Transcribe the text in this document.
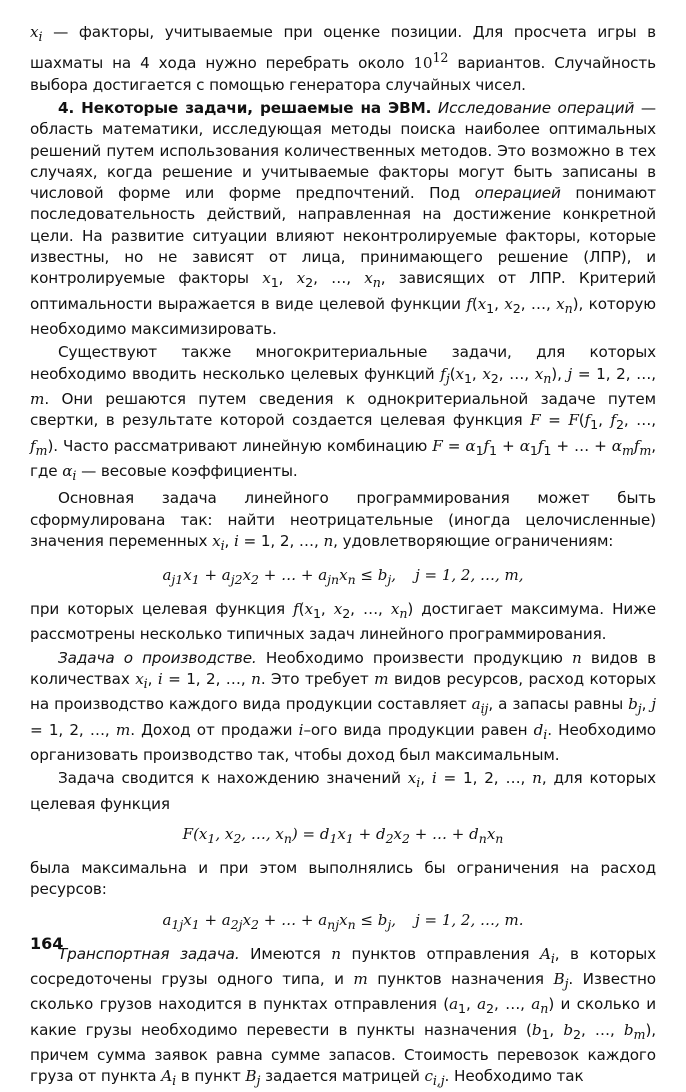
$x_i$ — факторы, учитываемые при оценке позиции. Для просчета игры в шахматы на 4 хода нужно перебрать около $10^{12}$ вариантов. Случайность выбора достигается с помощью генератора случайных чисел.

4. Некоторые задачи, решаемые на ЭВМ. Исследование операций — область математики, исследующая методы поиска наиболее оптимальных решений путем использования количественных методов. Это возможно в тех случаях, когда решение и учитываемые факторы могут быть записаны в числовой форме или форме предпочтений. Под операцией понимают последовательность действий, направленная на достижение конкретной цели. На развитие ситуации влияют неконтролируемые факторы, которые известны, но не зависят от лица, принимающего решение (ЛПР), и контролируемые факторы $x_1$, $x_2$, …, $x_n$, зависящих от ЛПР. Критерий оптимальности выражается в виде целевой функции $f(x_1$, $x_2$, …, $x_n$), которую необходимо максимизировать.

Существуют также многокритериальные задачи, для которых необходимо вводить несколько целевых функций $f_j(x_1$, $x_2$, …, $x_n$), j = 1, 2, …, m. Они решаются путем сведения к однокритериальной задаче путем свертки, в результате которой создается целевая функция $F = F(f_1$, $f_2$, …, $f_m$). Часто рассматривают линейную комбинацию $F = \alpha_1f_1 + \alpha_1f_1$ + … + $\alpha_mf_m$, где $\alpha_i$ — весовые коэффициенты.

Основная задача линейного программирования может быть сформулирована так: найти неотрицательные (иногда целочисленные) значения переменных $x_i$, i = 1, 2, …, n, удовлетворяющие ограничениям:

$a_{j1}x_1 + a_{j2}x_2$ + … + $a_{jn}x_n \le b_j$,    j = 1, 2, …, m,

при которых целевая функция $f(x_1$, $x_2$, …, $x_n$) достигает максимума. Ниже рассмотрены несколько типичных задач линейного программирования.

Задача о производстве. Необходимо произвести продукцию n видов в количествах $x_i$, i = 1, 2, …, n. Это требует m видов ресурсов, расход которых на производство каждого вида продукции составляет $a_{ij}$, а запасы равны $b_j$, j = 1, 2, …, m. Доход от продажи i–ого вида продукции равен $d_i$. Необходимо организовать производство так, чтобы доход был максимальным.

Задача сводится к нахождению значений $x_i$, i = 1, 2, …, n, для которых целевая функция

$F(x_1$, $x_2$, …, $x_n) = d_1x_1 + d_2x_2$ + … + $d_nx_n$

была максимальна и при этом выполнялись бы ограничения на расход ресурсов:

$a_{1j}x_1 + a_{2j}x_2$ + … + $a_{nj}x_n \le b_j$,    j = 1, 2, …, m.

Транспортная задача. Имеются n пунктов отправления $A_i$, в которых сосредоточены грузы одного типа, и m пунктов назначения $B_j$. Известно сколько грузов находится в пунктах отправления ($a_1$, $a_2$, …, $a_n$) и сколько и какие грузы необходимо перевести в пункты назначения ($b_1$, $b_2$, …, $b_m$), причем сумма заявок равна сумме запасов. Стоимость перевозок каждого груза от пункта $A_i$ в пункт $B_j$ задается матрицей $c_{i,j}$. Необходимо так

164
